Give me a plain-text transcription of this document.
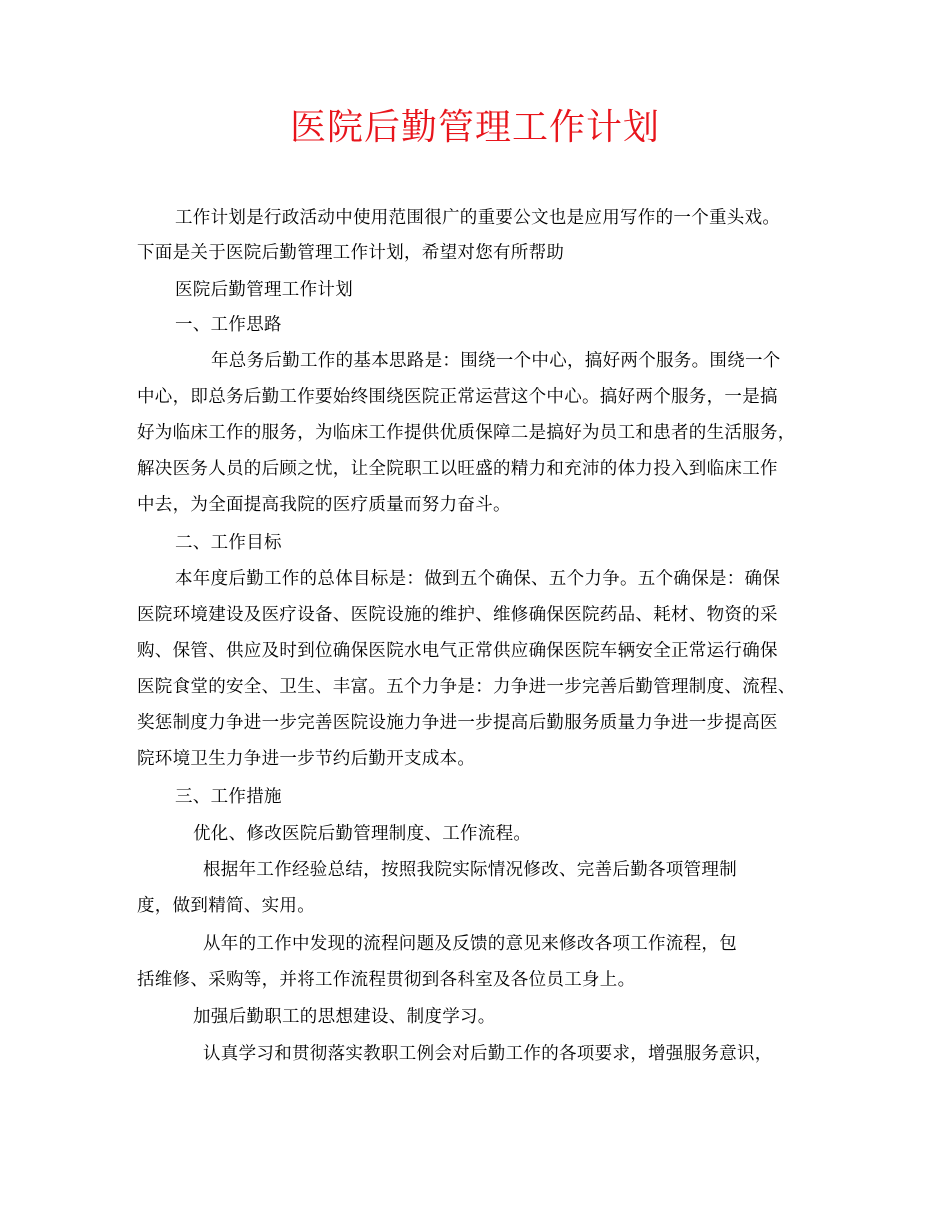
医院后勤管理工作计划
工作计划是行政活动中使用范围很广的重要公文也是应用写作的一个重头戏。
下面是关于医院后勤管理工作计划，希望对您有所帮助
医院后勤管理工作计划
一、工作思路
年总务后勤工作的基本思路是：围绕一个中心，搞好两个服务。围绕一个
中心，即总务后勤工作要始终围绕医院正常运营这个中心。搞好两个服务，一是搞
好为临床工作的服务，为临床工作提供优质保障二是搞好为员工和患者的生活服务，
解决医务人员的后顾之忧，让全院职工以旺盛的精力和充沛的体力投入到临床工作
中去，为全面提高我院的医疗质量而努力奋斗。
二、工作目标
本年度后勤工作的总体目标是：做到五个确保、五个力争。五个确保是：确保
医院环境建设及医疗设备、医院设施的维护、维修确保医院药品、耗材、物资的采
购、保管、供应及时到位确保医院水电气正常供应确保医院车辆安全正常运行确保
医院食堂的安全、卫生、丰富。五个力争是：力争进一步完善后勤管理制度、流程、
奖惩制度力争进一步完善医院设施力争进一步提高后勤服务质量力争进一步提高医
院环境卫生力争进一步节约后勤开支成本。
三、工作措施
优化、修改医院后勤管理制度、工作流程。
根据年工作经验总结，按照我院实际情况修改、完善后勤各项管理制
度，做到精简、实用。
从年的工作中发现的流程问题及反馈的意见来修改各项工作流程，包
括维修、采购等，并将工作流程贯彻到各科室及各位员工身上。
加强后勤职工的思想建设、制度学习。
认真学习和贯彻落实教职工例会对后勤工作的各项要求，增强服务意识，
